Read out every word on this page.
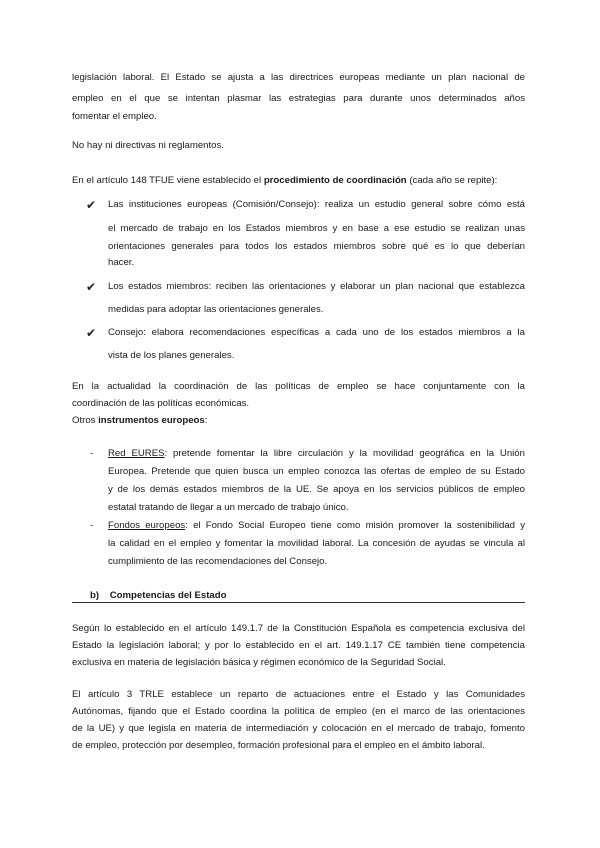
legislación laboral. El Estado se ajusta a las directrices europeas mediante un plan nacional de
empleo en el que se intentan plasmar las estrategias para durante unos determinados años
fomentar el empleo.
No hay ni directivas ni reglamentos.
En el artículo 148 TFUE viene establecido el procedimiento de coordinación (cada año se repite):
✔ Las instituciones europeas (Comisión/Consejo): realiza un estudio general sobre cómo está
el mercado de trabajo en los Estados miembros y en base a ese estudio se realizan unas
orientaciones generales para todos los estados miembros sobre qué es lo que deberían
hacer.
✔ Los estados miembros: reciben las orientaciones y elaborar un plan nacional que establezca
medidas para adoptar las orientaciones generales.
✔ Consejo: elabora recomendaciones específicas a cada uno de los estados miembros a la
vista de los planes generales.
En la actualidad la coordinación de las políticas de empleo se hace conjuntamente con la
coordinación de las políticas económicas.
Otros instrumentos europeos:
- Red EURES: pretende fomentar la libre circulación y la movilidad geográfica en la Unión
Europea. Pretende que quien busca un empleo conozca las ofertas de empleo de su Estado
y de los demás estados miembros de la UE. Se apoya en los servicios públicos de empleo
estatal tratando de llegar a un mercado de trabajo único.
- Fondos europeos: el Fondo Social Europeo tiene como misión promover la sostenibilidad y
la calidad en el empleo y fomentar la movilidad laboral. La concesión de ayudas se vincula al
cumplimiento de las recomendaciones del Consejo.
b) Competencias del Estado
Según lo establecido en el artículo 149.1.7 de la Constitución Española es competencia exclusiva del
Estado la legislación laboral; y por lo establecido en el art. 149.1.17 CE también tiene competencia
exclusiva en materia de legislación básica y régimen económico de la Seguridad Social.
El artículo 3 TRLE establece un reparto de actuaciones entre el Estado y las Comunidades
Autónomas, fijando que el Estado coordina la política de empleo (en el marco de las orientaciones
de la UE) y que legisla en materia de intermediación y colocación en el mercado de trabajo, fomento
de empleo, protección por desempleo, formación profesional para el empleo en el ámbito laboral.
